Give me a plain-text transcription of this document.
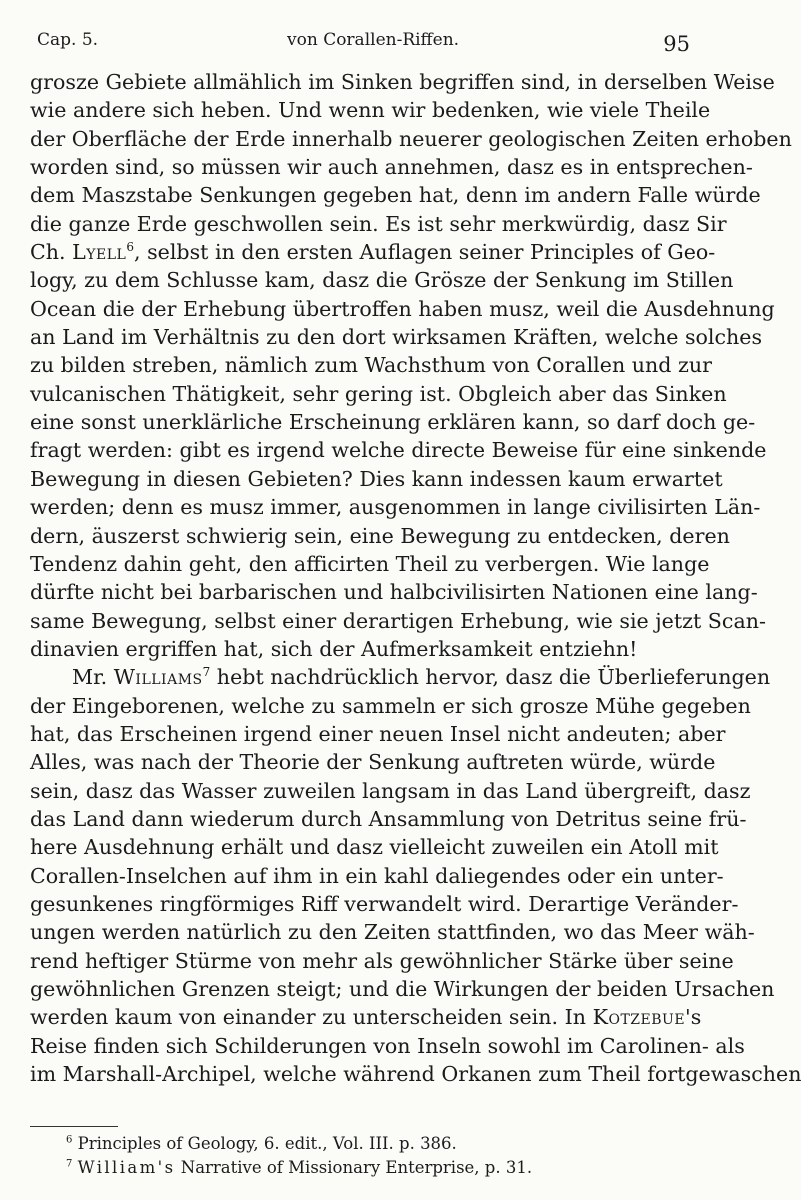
Cap. 5.	von Corallen-Riffen.	95

grosze Gebiete allmählich im Sinken begriffen sind, in derselben Weise
wie andere sich heben. Und wenn wir bedenken, wie viele Theile
der Oberfläche der Erde innerhalb neuerer geologischen Zeiten erhoben
worden sind, so müssen wir auch annehmen, dasz es in entsprechen-
dem Maszstabe Senkungen gegeben hat, denn im andern Falle würde
die ganze Erde geschwollen sein. Es ist sehr merkwürdig, dasz Sir
Ch. Lyell$^6$, selbst in den ersten Auflagen seiner Principles of Geo-
logy, zu dem Schlusse kam, dasz die Grösze der Senkung im Stillen
Ocean die der Erhebung übertroffen haben musz, weil die Ausdehnung
an Land im Verhältnis zu den dort wirksamen Kräften, welche solches
zu bilden streben, nämlich zum Wachsthum von Corallen und zur
vulcanischen Thätigkeit, sehr gering ist. Obgleich aber das Sinken
eine sonst unerklärliche Erscheinung erklären kann, so darf doch ge-
fragt werden: gibt es irgend welche directe Beweise für eine sinkende
Bewegung in diesen Gebieten? Dies kann indessen kaum erwartet
werden; denn es musz immer, ausgenommen in lange civilisirten Län-
dern, äuszerst schwierig sein, eine Bewegung zu entdecken, deren
Tendenz dahin geht, den afficirten Theil zu verbergen. Wie lange
dürfte nicht bei barbarischen und halbcivilisirten Nationen eine lang-
same Bewegung, selbst einer derartigen Erhebung, wie sie jetzt Scan-
dinavien ergriffen hat, sich der Aufmerksamkeit entziehn!

Mr. Williams$^7$ hebt nachdrücklich hervor, dasz die Überlieferungen
der Eingeborenen, welche zu sammeln er sich grosze Mühe gegeben
hat, das Erscheinen irgend einer neuen Insel nicht andeuten; aber
Alles, was nach der Theorie der Senkung auftreten würde, würde
sein, dasz das Wasser zuweilen langsam in das Land übergreift, dasz
das Land dann wiederum durch Ansammlung von Detritus seine frü-
here Ausdehnung erhält und dasz vielleicht zuweilen ein Atoll mit
Corallen-Inselchen auf ihm in ein kahl daliegendes oder ein unter-
gesunkenes ringförmiges Riff verwandelt wird. Derartige Veränder-
ungen werden natürlich zu den Zeiten stattfinden, wo das Meer wäh-
rend heftiger Stürme von mehr als gewöhnlicher Stärke über seine
gewöhnlichen Grenzen steigt; und die Wirkungen der beiden Ursachen
werden kaum von einander zu unterscheiden sein. In Kotzebue's
Reise finden sich Schilderungen von Inseln sowohl im Carolinen- als
im Marshall-Archipel, welche während Orkanen zum Theil fortgewaschen

$^6$ Principles of Geology, 6. edit., Vol. III. p. 386.
$^7$ William's Narrative of Missionary Enterprise, p. 31.
